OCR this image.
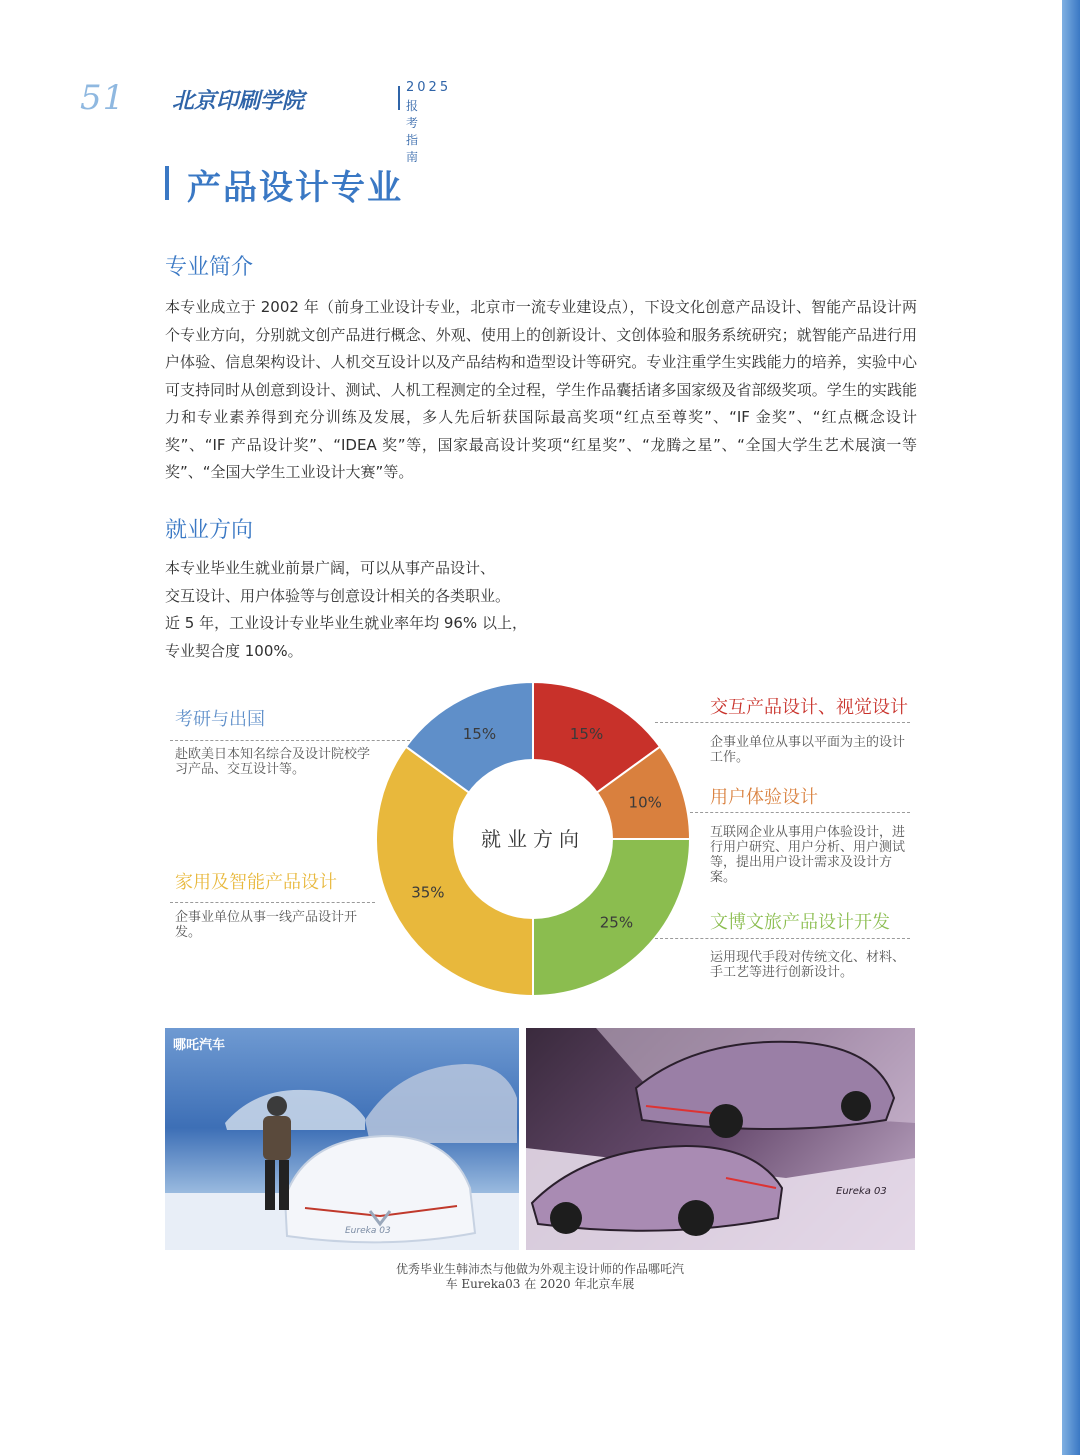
51 北京印刷学院
2025
报考指南
产品设计专业
专业简介
本专业成立于 2002 年（前身工业设计专业，北京市一流专业建设点），下设文化创意产品设计、智能产品设计两个专业方向，分别就文创产品进行概念、外观、使用上的创新设计、文创体验和服务系统研究；就智能产品进行用户体验、信息架构设计、人机交互设计以及产品结构和造型设计等研究。专业注重学生实践能力的培养，实验中心可支持同时从创意到设计、测试、人机工程测定的全过程，学生作品囊括诸多国家级及省部级奖项。学生的实践能力和专业素养得到充分训练及发展，多人先后斩获国际最高奖项“红点至尊奖”、“IF 金奖”、“红点概念设计奖”、“IF 产品设计奖”、“IDEA 奖”等，国家最高设计奖项“红星奖”、“龙腾之星”、“全国大学生艺术展演一等奖”、“全国大学生工业设计大赛”等。
就业方向
本专业毕业生就业前景广阔，可以从事产品设计、
交互设计、用户体验等与创意设计相关的各类职业。
近 5 年，工业设计专业毕业生就业率年均 96% 以上，
专业契合度 100%。
就业方向
15%
10%
25%
35%
15%
考研与出国
赴欧美日本知名综合及设计院校学习产品、交互设计等。
交互产品设计、视觉设计
企事业单位从事以平面为主的设计工作。
用户体验设计
互联网企业从事用户体验设计，进行用户研究、用户分析、用户测试等，提出用户设计需求及设计方案。
家用及智能产品设计
企事业单位从事一线产品设计开发。	文博文旅产品设计开发
运用现代手段对传统文化、材料、手工艺等进行创新设计。
哪吒汽车
Eureka 03
Eureka 03
优秀毕业生韩沛杰与他做为外观主设计师的作品哪吒汽
车 Eureka03 在 2020 年北京车展
